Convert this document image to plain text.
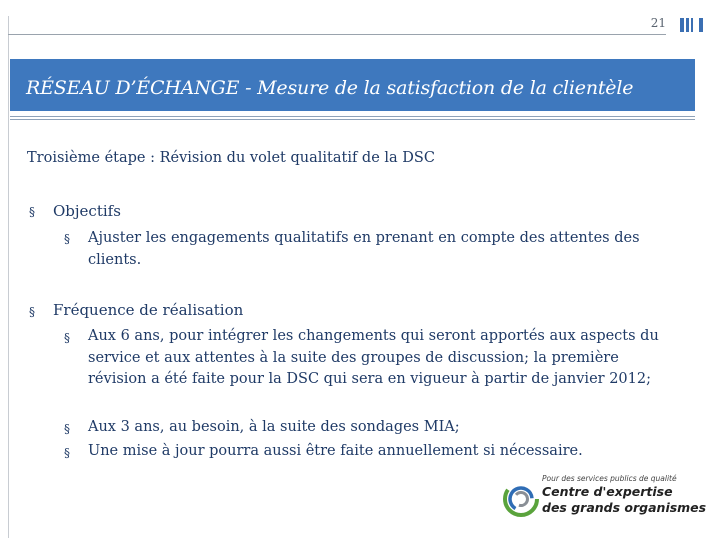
21
RÉSEAU D’ÉCHANGE - Mesure de la satisfaction de la clientèle
Troisième étape : Révision du volet qualitatif de la DSC
§ Objectifs
§ Ajuster les engagements qualitatifs en prenant en compte des attentes des clients.
§ Fréquence de réalisation
§ Aux 6 ans, pour intégrer les changements qui seront apportés aux aspects du service et aux attentes à la suite des groupes de discussion; la première révision a été faite pour la DSC qui sera en vigueur à partir de janvier 2012;
§ Aux 3 ans, au besoin, à la suite des sondages MIA;
§ Une mise à jour pourra aussi être faite annuellement si nécessaire.
Pour des services publics de qualité
Centre d'expertise
des grands organismes
